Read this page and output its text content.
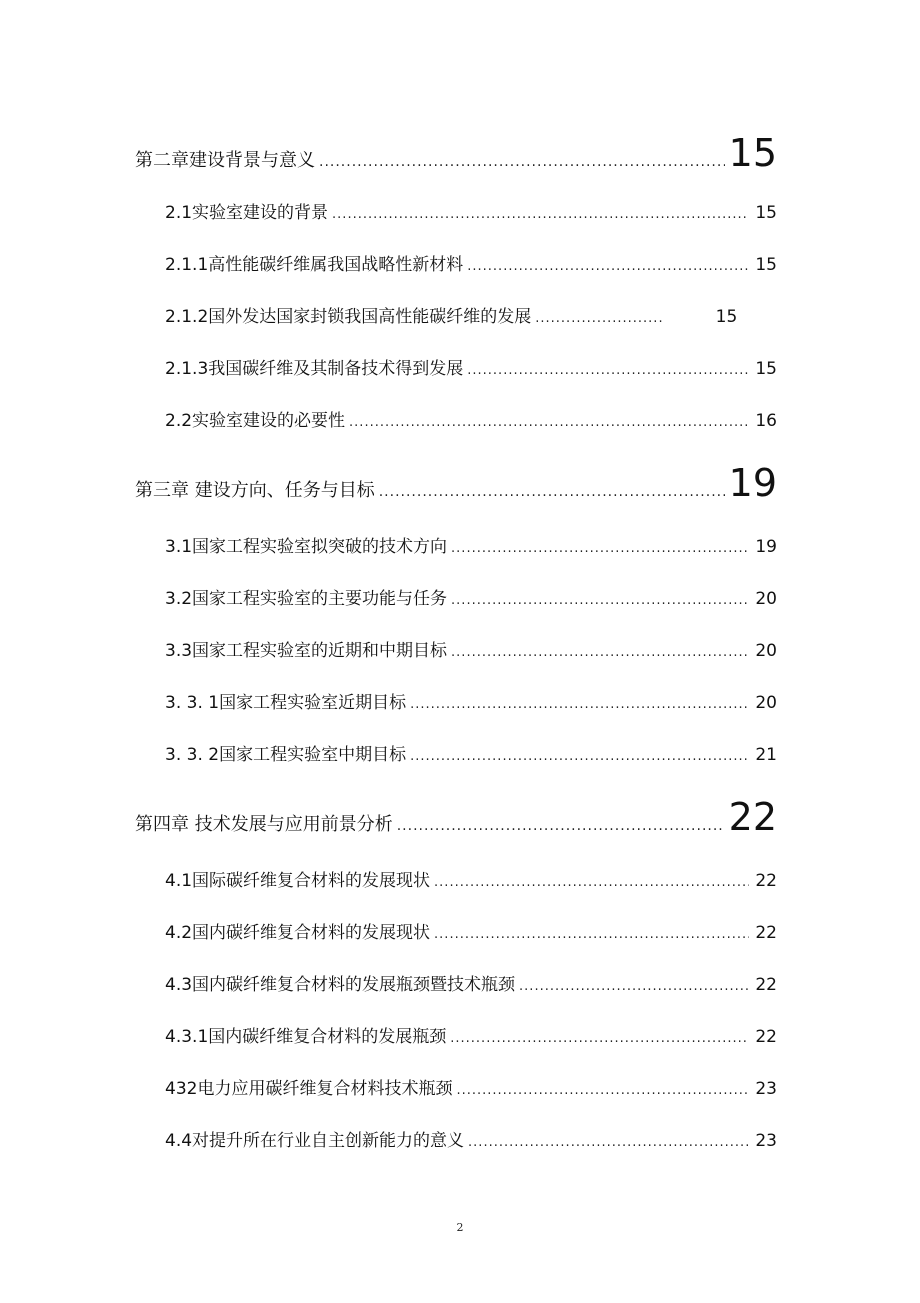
第二章建设背景与意义 .....	15
2.1实验室建设的背景 .....	15
2.1.1高性能碳纤维属我国战略性新材料 .....	15
2.1.2国外发达国家封锁我国高性能碳纤维的发展 .....	15
2.1.3我国碳纤维及其制备技术得到发展 .....	15
2.2实验室建设的必要性 .....	16
第三章 建设方向、任务与目标 .....	19
3.1国家工程实验室拟突破的技术方向 .....	19
3.2国家工程实验室的主要功能与任务 .....	20
3.3国家工程实验室的近期和中期目标 .....	20
3. 3. 1国家工程实验室近期目标 .....	20
3. 3. 2国家工程实验室中期目标 .....	21
第四章 技术发展与应用前景分析 .....	22
4.1国际碳纤维复合材料的发展现状 .....	22
4.2国内碳纤维复合材料的发展现状 .....	22
4.3国内碳纤维复合材料的发展瓶颈暨技术瓶颈 .....	22
4.3.1国内碳纤维复合材料的发展瓶颈 .....	22
432电力应用碳纤维复合材料技术瓶颈 .....	23
4.4对提升所在行业自主创新能力的意义 .....	23
2
